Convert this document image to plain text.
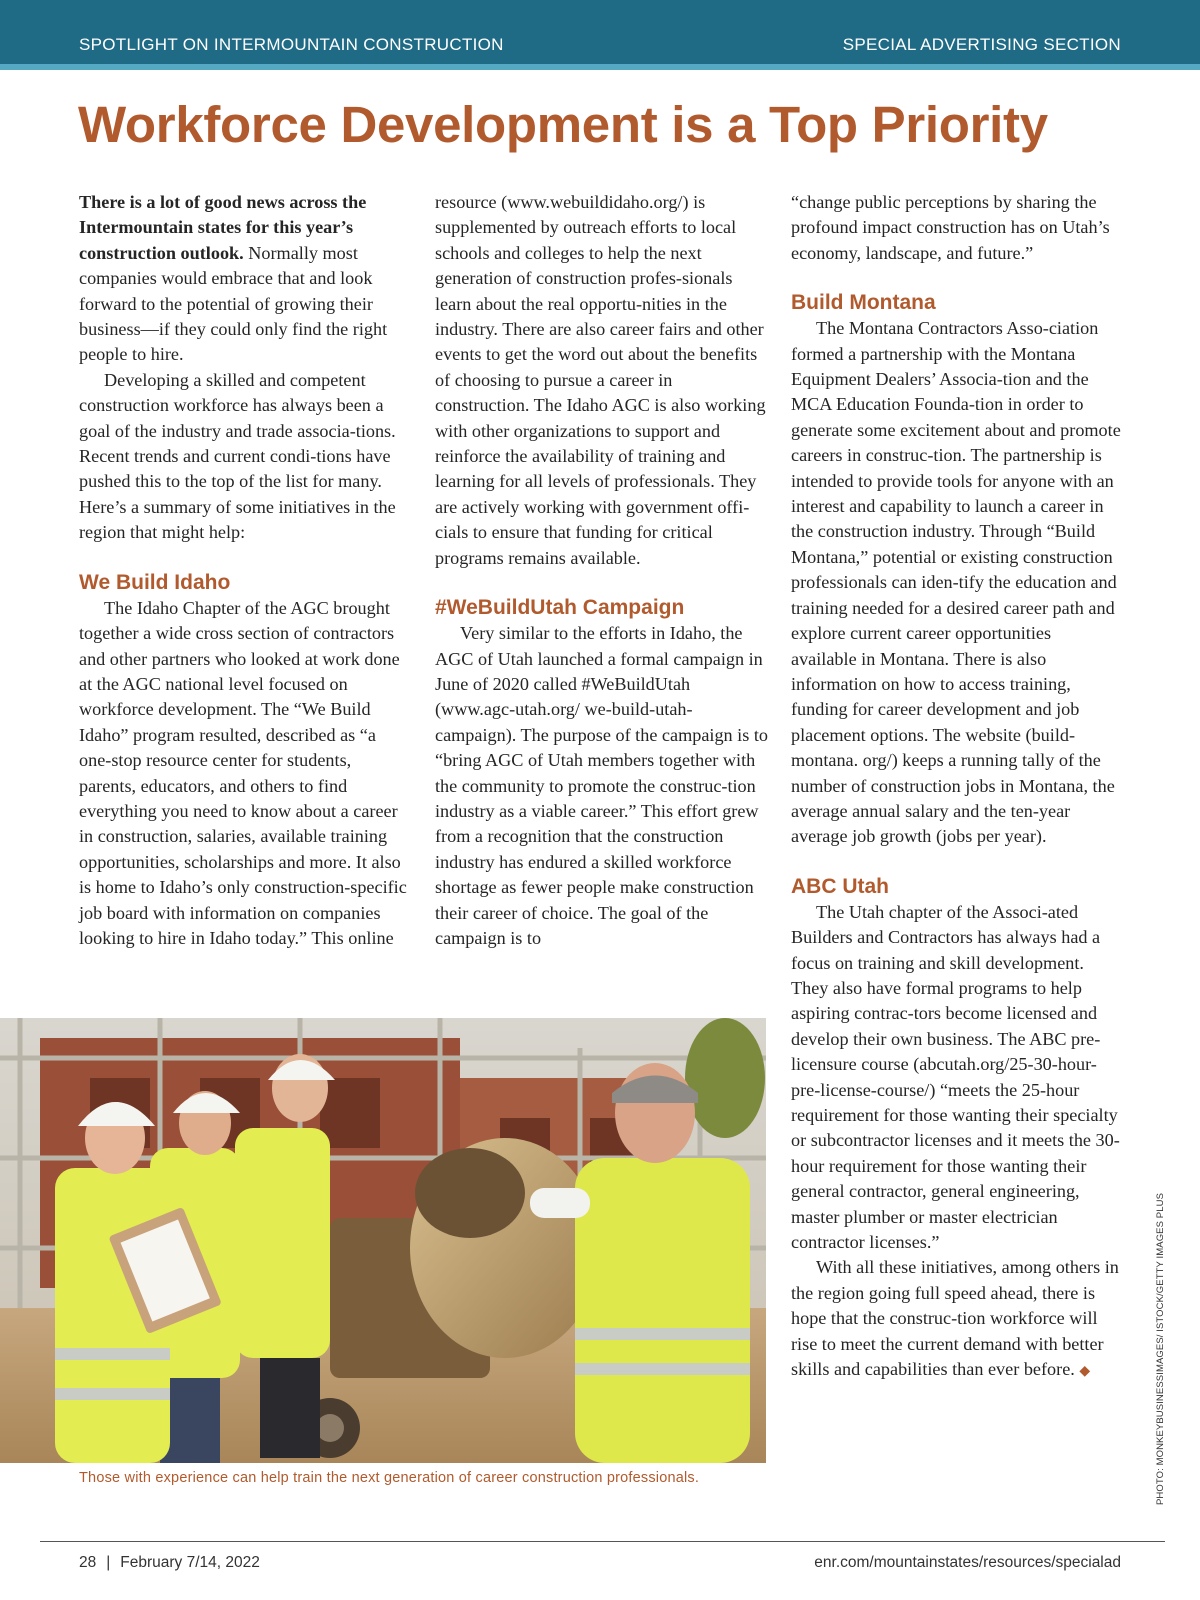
SPOTLIGHT ON INTERMOUNTAIN CONSTRUCTION	SPECIAL ADVERTISING SECTION
Workforce Development is a Top Priority

There is a lot of good news across the Intermountain states for this year’s construction outlook. Normally most companies would embrace that and look forward to the potential of growing their business—if they could only find the right people to hire.

Developing a skilled and competent construction workforce has always been a goal of the industry and trade associa-tions. Recent trends and current condi-tions have pushed this to the top of the list for many. Here’s a summary of some initiatives in the region that might help:

We Build Idaho

The Idaho Chapter of the AGC brought together a wide cross section of contractors and other partners who looked at work done at the AGC national level focused on workforce development. The “We Build Idaho” program resulted, described as “a one-stop resource center for students, parents, educators, and others to find everything you need to know about a career in construction, salaries, available training opportunities, scholarships and more. It also is home to Idaho’s only construction-specific job board with information on companies looking to hire in Idaho today.” This online

resource (www.webuildidaho.org/) is supplemented by outreach efforts to local schools and colleges to help the next generation of construction profes-sionals learn about the real opportu-nities in the industry. There are also career fairs and other events to get the word out about the benefits of choosing to pursue a career in construction. The Idaho AGC is also working with other organizations to support and reinforce the availability of training and learning for all levels of professionals. They are actively working with government offi-cials to ensure that funding for critical programs remains available.

#WeBuildUtah Campaign

Very similar to the efforts in Idaho, the AGC of Utah launched a formal campaign in June of 2020 called #WeBuildUtah (www.agc-utah.org/ we-build-utah-campaign). The purpose of the campaign is to “bring AGC of Utah members together with the community to promote the construc-tion industry as a viable career.” This effort grew from a recognition that the construction industry has endured a skilled workforce shortage as fewer people make construction their career of choice. The goal of the campaign is to

“change public perceptions by sharing the profound impact construction has on Utah’s economy, landscape, and future.”

Build Montana

The Montana Contractors Asso-ciation formed a partnership with the Montana Equipment Dealers’ Associa-tion and the MCA Education Founda-tion in order to generate some excitement about and promote careers in construc-tion. The partnership is intended to provide tools for anyone with an interest and capability to launch a career in the construction industry. Through “Build Montana,” potential or existing construction professionals can iden-tify the education and training needed for a desired career path and explore current career opportunities available in Montana. There is also information on how to access training, funding for career development and job placement options. The website (build-montana. org/) keeps a running tally of the number of construction jobs in Montana, the average annual salary and the ten-year average job growth (jobs per year).

ABC Utah

The Utah chapter of the Associ-ated Builders and Contractors has always had a focus on training and skill development. They also have formal programs to help aspiring contrac-tors become licensed and develop their own business. The ABC pre-licensure course (abcutah.org/25-30-hour-pre-license-course/) “meets the 25-hour requirement for those wanting their specialty or subcontractor licenses and it meets the 30-hour requirement for those wanting their general contractor, general engineering, master plumber or master electrician contractor licenses.”

With all these initiatives, among others in the region going full speed ahead, there is hope that the construc-tion workforce will rise to meet the current demand with better skills and capabilities than ever before. ◆

Those with experience can help train the next generation of career construction professionals.	PHOTO: MONKEYBUSINESSIMAGES/ ISTOCK/GETTY IMAGES PLUS
28 | February 7/14, 2022	enr.com/mountainstates/resources/specialad
